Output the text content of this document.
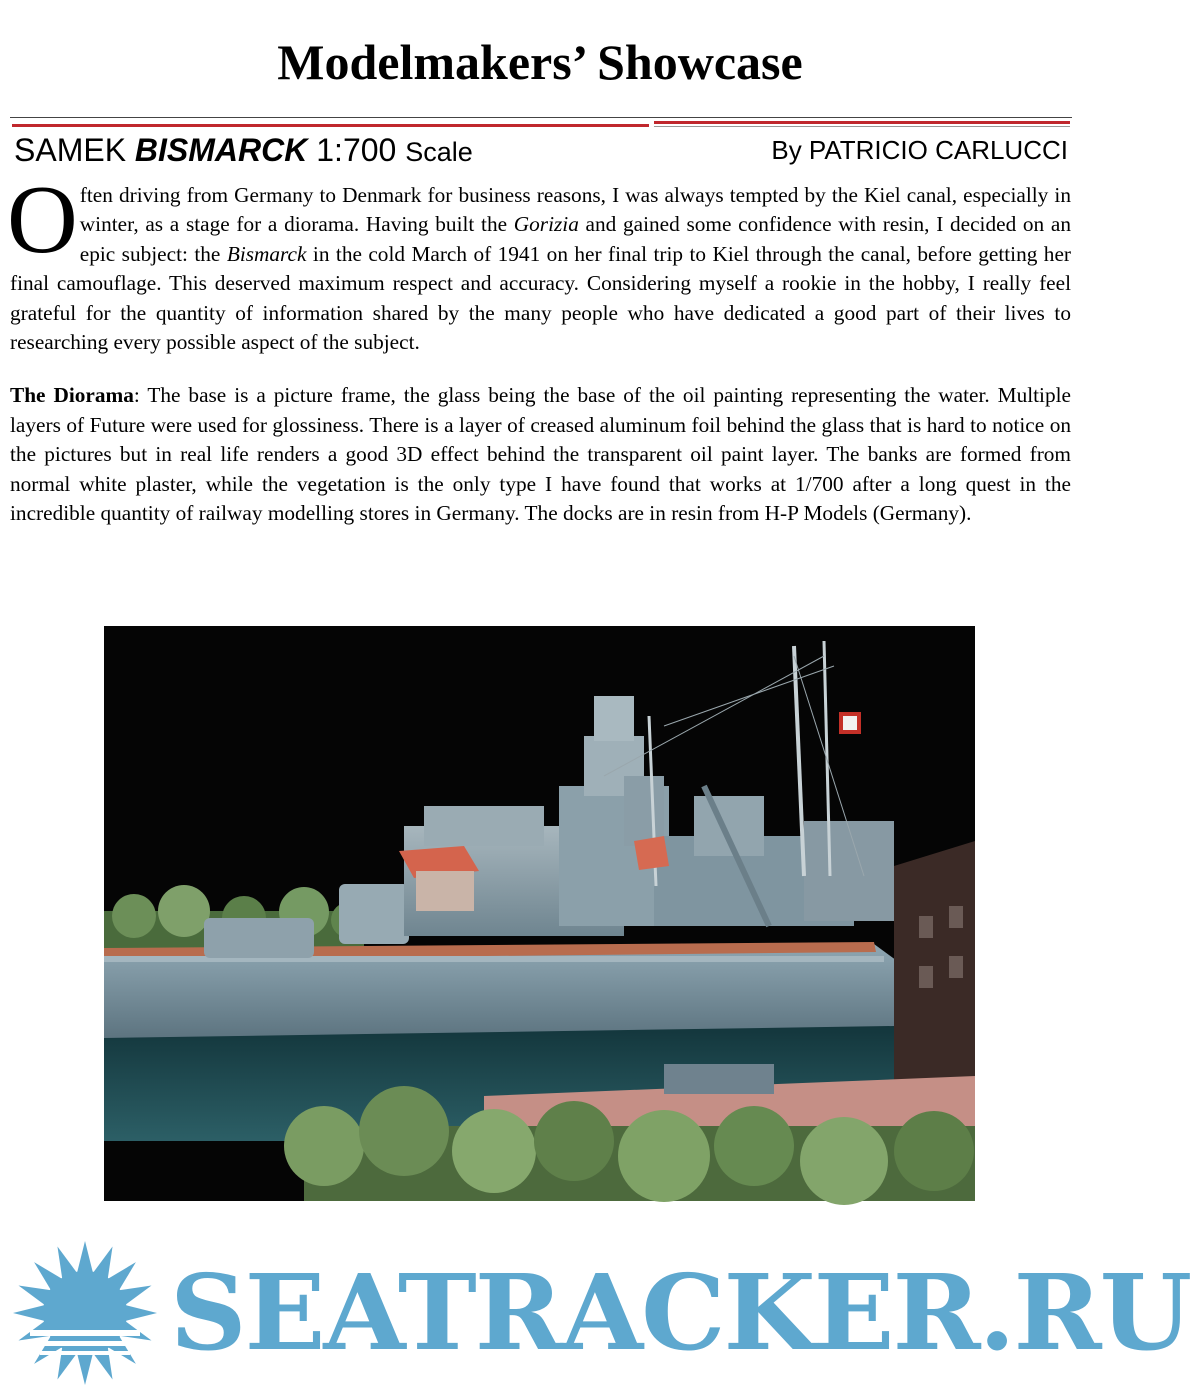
Modelmakers’ Showcase
SAMEK BISMARCK 1:700 Scale	By PATRICIO CARLUCCI

Often driving from Germany to Denmark for business reasons, I was always tempted by the Kiel canal, especially in winter, as a stage for a diorama. Having built the Gorizia and gained some confidence with resin, I decided on an epic subject: the Bismarck in the cold March of 1941 on her final trip to Kiel through the canal, before getting her final camouflage. This deserved maximum respect and accuracy. Considering myself a rookie in the hobby, I really feel grateful for the quantity of information shared by the many people who have dedicated a good part of their lives to researching every possible aspect of the subject.

The Diorama: The base is a picture frame, the glass being the base of the oil painting representing the water. Multiple layers of Future were used for glossiness. There is a layer of creased aluminum foil behind the glass that is hard to notice on the pictures but in real life renders a good 3D effect behind the transparent oil paint layer. The banks are formed from normal white plaster, while the vegetation is the only type I have found that works at 1/700 after a long quest in the incredible quantity of railway modelling stores in Germany. The docks are in resin from H-P Models (Germany).

SEATRACKER.RU
